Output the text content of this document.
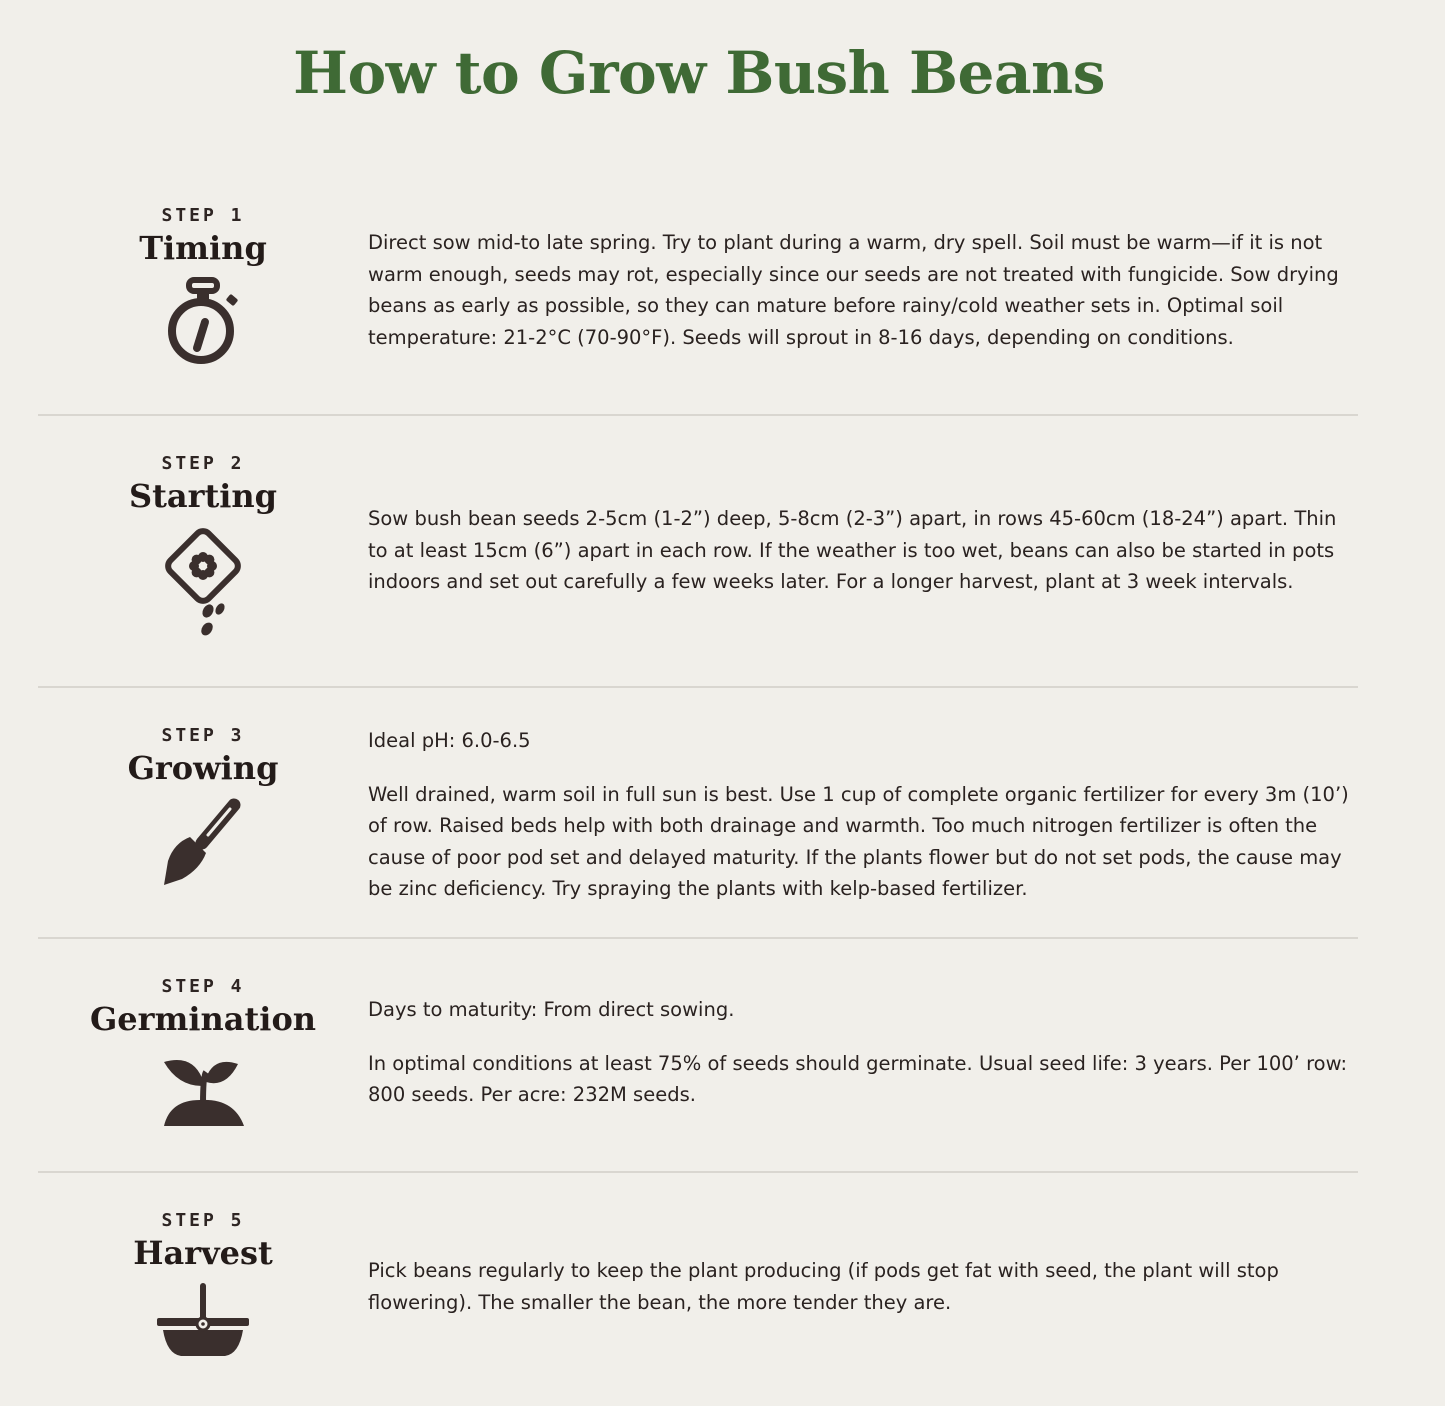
How to Grow Bush Beans
STEP 1
Timing	Direct sow mid-to late spring. Try to plant during a warm, dry spell. Soil must be warm—if it is not warm enough, seeds may rot, especially since our seeds are not treated with fungicide. Sow drying beans as early as possible, so they can mature before rainy/cold weather sets in. Optimal soil temperature: 21-2°C (70-90°F). Seeds will sprout in 8-16 days, depending on conditions.

STEP 2
Starting

Sow bush bean seeds 2-5cm (1-2”) deep, 5-8cm (2-3”) apart, in rows 45-60cm (18-24”) apart. Thin to at least 15cm (6”) apart in each row. If the weather is too wet, beans can also be started in pots indoors and set out carefully a few weeks later. For a longer harvest, plant at 3 week intervals.

STEP 3
Growing

Ideal pH: 6.0-6.5

Well drained, warm soil in full sun is best. Use 1 cup of complete organic fertilizer for every 3m (10’) of row. Raised beds help with both drainage and warmth. Too much nitrogen fertilizer is often the cause of poor pod set and delayed maturity. If the plants flower but do not set pods, the cause may be zinc deficiency. Try spraying the plants with kelp-based fertilizer.

STEP 4
Germination	Days to maturity: From direct sowing.

In optimal conditions at least 75% of seeds should germinate. Usual seed life: 3 years. Per 100’ row: 800 seeds. Per acre: 232M seeds.

STEP 5
Harvest	Pick beans regularly to keep the plant producing (if pods get fat with seed, the plant will stop flowering). The smaller the bean, the more tender they are.
